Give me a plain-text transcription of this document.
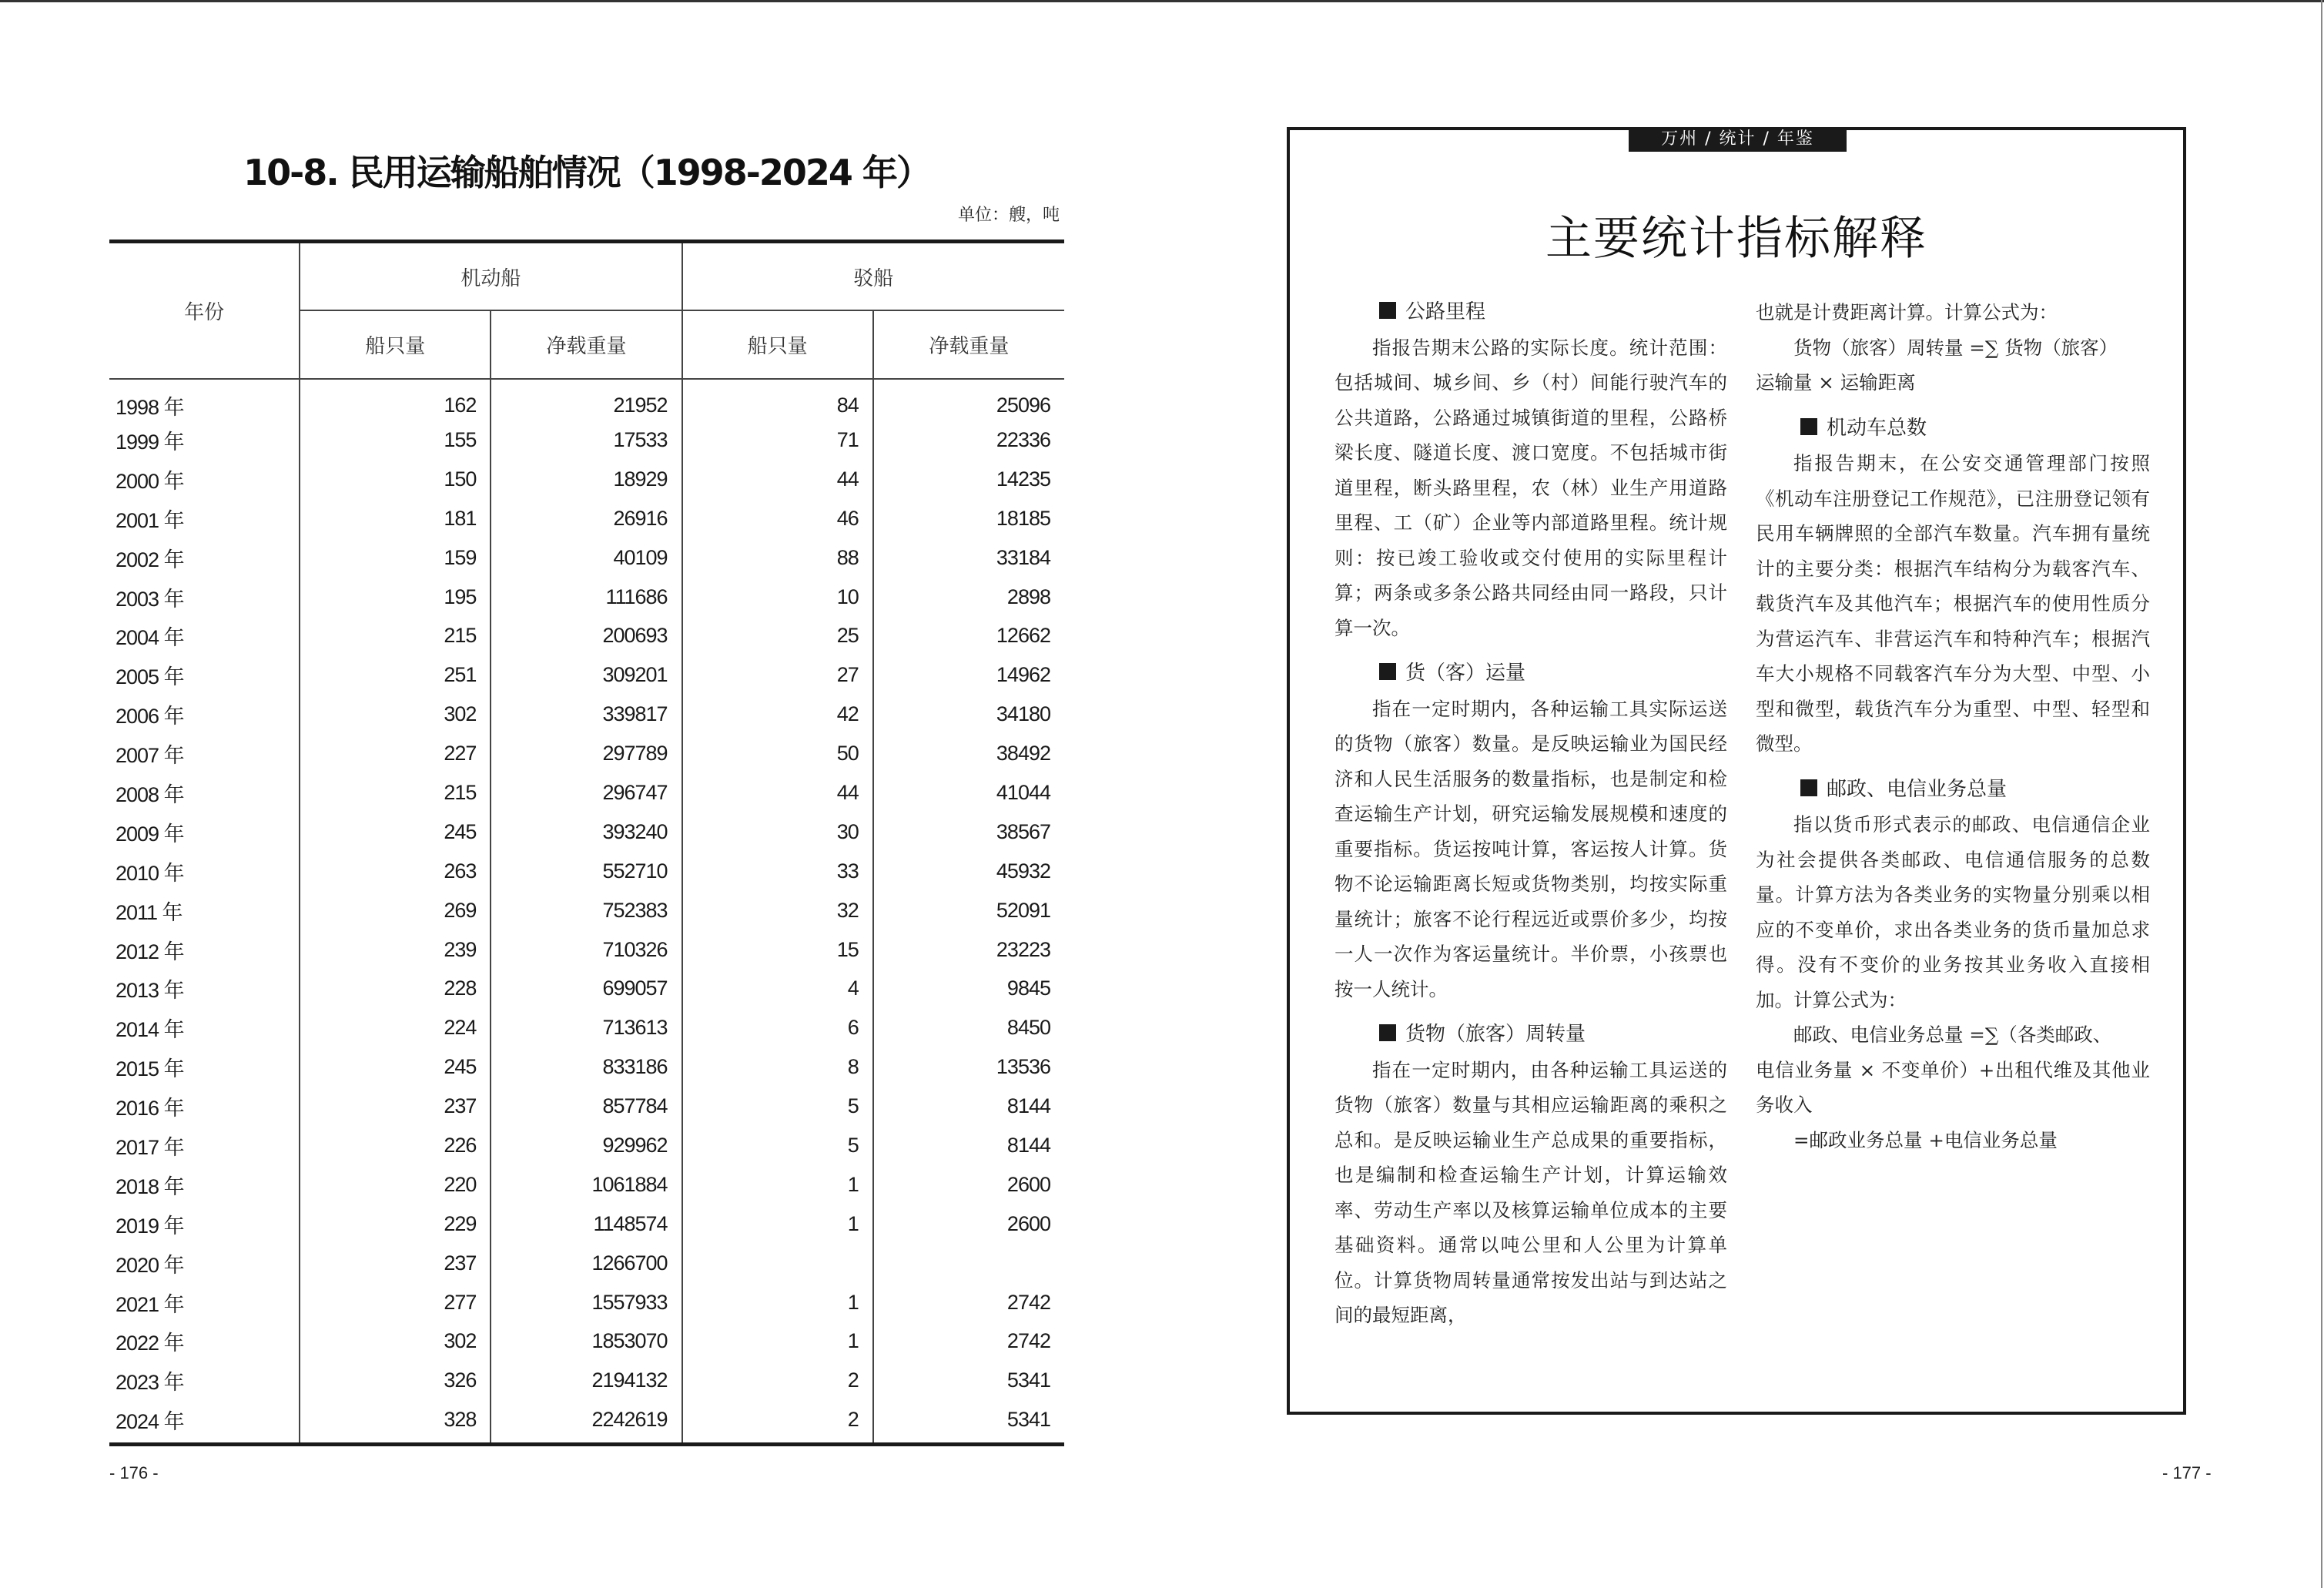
10-8. 民用运输船舶情况（1998-2024 年）
单位：艘，吨
年份	机动船		驳船	
	船只量	净载重量	船只量	净载重量
1998 年	162	21952	84	25096
1999 年	155	17533	71	22336
2000 年	150	18929	44	14235
2001 年	181	26916	46	18185
2002 年	159	40109	88	33184
2003 年	195	111686	10	2898
2004 年	215	200693	25	12662
2005 年	251	309201	27	14962
2006 年	302	339817	42	34180
2007 年	227	297789	50	38492
2008 年	215	296747	44	41044
2009 年	245	393240	30	38567
2010 年	263	552710	33	45932
2011 年	269	752383	32	52091
2012 年	239	710326	15	23223
2013 年	228	699057	4	9845
2014 年	224	713613	6	8450
2015 年	245	833186	8	13536
2016 年	237	857784	5	8144
2017 年	226	929962	5	8144
2018 年	220	1061884	1	2600
2019 年	229	1148574	1	2600
2020 年	237	1266700		
2021 年	277	1557933	1	2742
2022 年	302	1853070	1	2742
2023 年	326	2194132	2	5341
2024 年	328	2242619	2	5341
- 176 -
万州 / 统计 / 年鉴
主要统计指标解释
公路里程

指报告期末公路的实际长度。统计范围：包括城间、城乡间、乡（村）间能行驶汽车的公共道路，公路通过城镇街道的里程，公路桥梁长度、隧道长度、渡口宽度。不包括城市街道里程，断头路里程，农（林）业生产用道路里程、工（矿）企业等内部道路里程。统计规则：按已竣工验收或交付使用的实际里程计算；两条或多条公路共同经由同一路段，只计算一次。

货（客）运量

指在一定时期内，各种运输工具实际运送的货物（旅客）数量。是反映运输业为国民经济和人民生活服务的数量指标，也是制定和检查运输生产计划，研究运输发展规模和速度的重要指标。货运按吨计算，客运按人计算。货物不论运输距离长短或货物类别，均按实际重量统计；旅客不论行程远近或票价多少，均按一人一次作为客运量统计。半价票，小孩票也按一人统计。

货物（旅客）周转量

指在一定时期内，由各种运输工具运送的货物（旅客）数量与其相应运输距离的乘积之总和。是反映运输业生产总成果的重要指标，也是编制和检查运输生产计划，计算运输效率、劳动生产率以及核算运输单位成本的主要基础资料。通常以吨公里和人公里为计算单位。计算货物周转量通常按发出站与到达站之间的最短距离，

也就是计费距离计算。计算公式为：

货物（旅客）周转量 =∑ 货物（旅客）

运输量 × 运输距离

机动车总数

指报告期末，在公安交通管理部门按照《机动车注册登记工作规范》，已注册登记领有民用车辆牌照的全部汽车数量。汽车拥有量统计的主要分类：根据汽车结构分为载客汽车、载货汽车及其他汽车；根据汽车的使用性质分为营运汽车、非营运汽车和特种汽车；根据汽车大小规格不同载客汽车分为大型、中型、小型和微型，载货汽车分为重型、中型、轻型和微型。

邮政、电信业务总量

指以货币形式表示的邮政、电信通信企业为社会提供各类邮政、电信通信服务的总数量。计算方法为各类业务的实物量分别乘以相应的不变单价，求出各类业务的货币量加总求得。没有不变价的业务按其业务收入直接相加。计算公式为：

邮政、电信业务总量 =∑（各类邮政、

电信业务量 × 不变单价）+出租代维及其他业务收入

=邮政业务总量 +电信业务总量

- 177 -
